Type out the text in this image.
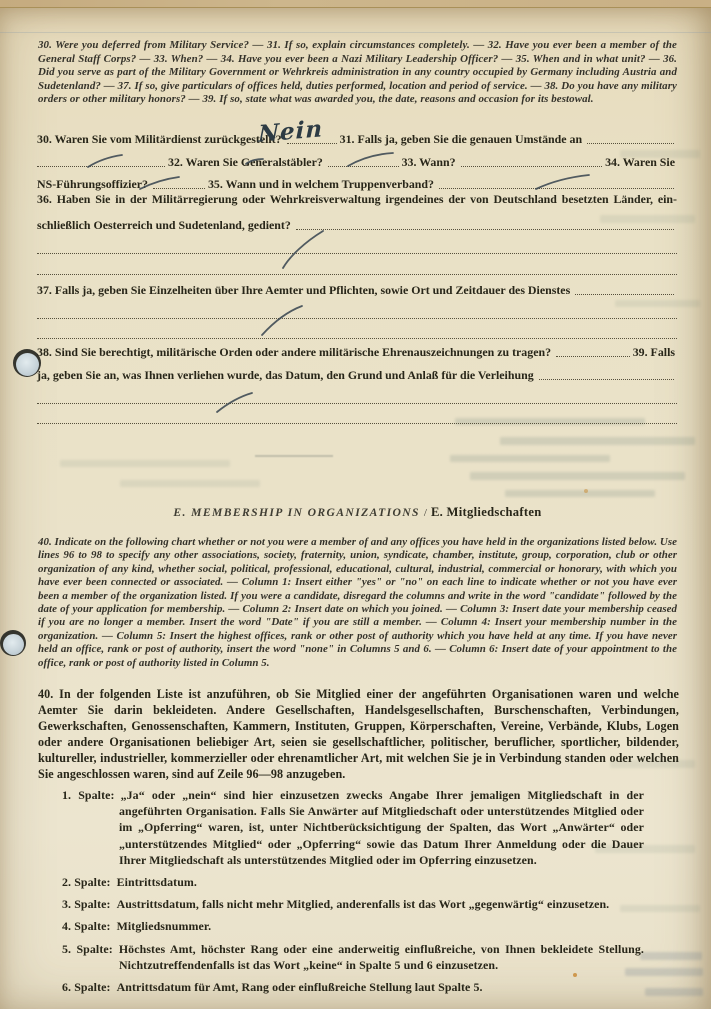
30. Were you deferred from Military Service? — 31. If so, explain circumstances completely. — 32. Have you ever been a member of the General Staff Corps? — 33. When? — 34. Have you ever been a Nazi Military Leadership Officer? — 35. When and in what unit? — 36. Did you serve as part of the Military Government or Wehrkreis administration in any country occupied by Germany including Austria and Sudetenland? — 37. If so, give particulars of offices held, duties performed, location and period of service. — 38. Do you have any military orders or other military honors? — 39. If so, state what was awarded you, the date, reasons and occasion for its bestowal.
30. Waren Sie vom Militärdienst zurückgestellt?	31. Falls ja, geben Sie die genauen Umstände an
32. Waren Sie Generalstäbler?	33. Wann?	34. Waren Sie
NS-Führungsoffizier?	35. Wann und in welchem Truppenverband?
36. Haben Sie in der Militärregierung oder Wehrkreisverwaltung irgendeines der von Deutschland besetzten Länder, ein-
schließlich Oesterreich und Sudetenland, gedient?
37. Falls ja, geben Sie Einzelheiten über Ihre Aemter und Pflichten, sowie Ort und Zeitdauer des Dienstes
38. Sind Sie berechtigt, militärische Orden oder andere militärische Ehrenauszeichnungen zu tragen?	39. Falls
ja, geben Sie an, was Ihnen verliehen wurde, das Datum, den Grund und Anlaß für die Verleihung
Nein
E. MEMBERSHIP IN ORGANIZATIONS / E. Mitgliedschaften
40. Indicate on the following chart whether or not you were a member of and any offices you have held in the organizations listed below. Use lines 96 to 98 to specify any other associations, society, fraternity, union, syndicate, chamber, institute, group, corporation, club or other organization of any kind, whether social, political, professional, educational, cultural, industrial, commercial or honorary, with which you have ever been connected or associated. — Column 1: Insert either "yes" or "no" on each line to indicate whether or not you have ever been a member of the organization listed. If you were a candidate, disregard the columns and write in the word "candidate" followed by the date of your application for membership. — Column 2: Insert date on which you joined. — Column 3: Insert date your membership ceased if you are no longer a member. Insert the word "Date" if you are still a member. — Column 4: Insert your membership number in the organization. — Column 5: Insert the highest offices, rank or other post of authority which you have held at any time. If you have never held an office, rank or post of authority, insert the word "none" in Columns 5 and 6. — Column 6: Insert date of your appointment to the office, rank or post of authority listed in Column 5.
40. In der folgenden Liste ist anzuführen, ob Sie Mitglied einer der angeführten Organisationen waren und welche Aemter Sie darin bekleideten. Andere Gesellschaften, Handelsgesellschaften, Burschenschaften, Verbindungen, Gewerkschaften, Genossenschaften, Kammern, Instituten, Gruppen, Körperschaften, Vereine, Verbände, Klubs, Logen oder andere Organisationen beliebiger Art, seien sie gesellschaftlicher, politischer, beruflicher, sportlicher, bildender, kultureller, industrieller, kommerzieller oder ehrenamtlicher Art, mit welchen Sie je in Verbindung standen oder welchen Sie angeschlossen waren, sind auf Zeile 96—98 anzugeben.
1. Spalte: „Ja“ oder „nein“ sind hier einzusetzen zwecks Angabe Ihrer jemaligen Mitgliedschaft in der angeführten Organisation. Falls Sie Anwärter auf Mitgliedschaft oder unterstützendes Mitglied oder im „Opferring“ waren, ist, unter Nichtberücksichtigung der Spalten, das Wort „Anwärter“ oder „unterstützendes Mitglied“ oder „Opferring“ sowie das Datum Ihrer Anmeldung oder die Dauer Ihrer Mitgliedschaft als unterstützendes Mitglied oder im Opferring einzusetzen.
2. Spalte: Eintrittsdatum.
3. Spalte: Austrittsdatum, falls nicht mehr Mitglied, anderenfalls ist das Wort „gegenwärtig“ einzusetzen.
4. Spalte: Mitgliedsnummer.
5. Spalte: Höchstes Amt, höchster Rang oder eine anderweitig einflußreiche, von Ihnen bekleidete Stellung. Nichtzutreffendenfalls ist das Wort „keine“ in Spalte 5 und 6 einzusetzen.
6. Spalte: Antrittsdatum für Amt, Rang oder einflußreiche Stellung laut Spalte 5.
